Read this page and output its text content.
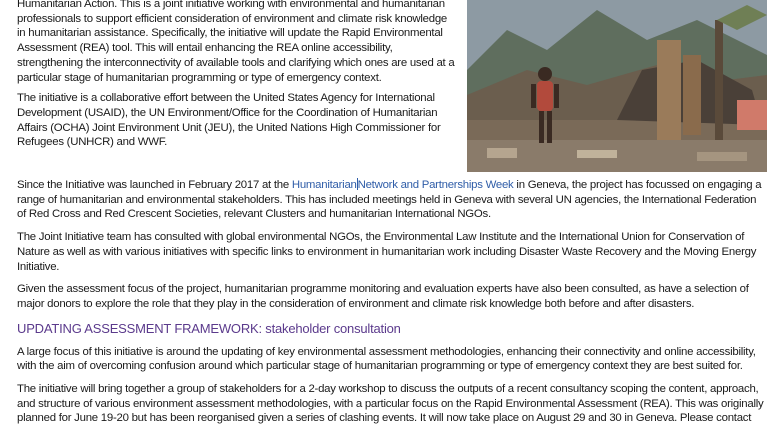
Humanitarian Action. This is a joint initiative working with environmental and humanitarian professionals to support efficient consideration of environment and climate risk knowledge in humanitarian assistance. Specifically, the initiative will update the Rapid Environmental Assessment (REA) tool. This will entail enhancing the REA online accessibility, strengthening the interconnectivity of available tools and clarifying which ones are used at a particular stage of humanitarian programming or type of emergency context.

The initiative is a collaborative effort between the United States Agency for International Development (USAID), the UN Environment/Office for the Coordination of Humanitarian Affairs (OCHA) Joint Environment Unit (JEU), the United Nations High Commissioner for Refugees (UNHCR) and WWF.

Since the Initiative was launched in February 2017 at the HumanitarianNetwork and Partnerships Week in Geneva, the project has focussed on engaging a range of humanitarian and environmental stakeholders. This has included meetings held in Geneva with several UN agencies, the International Federation of Red Cross and Red Crescent Societies, relevant Clusters and humanitarian International NGOs.

The Joint Initiative team has consulted with global environmental NGOs, the Environmental Law Institute and the International Union for Conservation of Nature as well as with various initiatives with specific links to environment in humanitarian work including Disaster Waste Recovery and the Moving Energy Initiative.

Given the assessment focus of the project, humanitarian programme monitoring and evaluation experts have also been consulted, as have a selection of major donors to explore the role that they play in the consideration of environment and climate risk knowledge both before and after disasters.

UPDATING ASSESSMENT FRAMEWORK: stakeholder consultation

A large focus of this initiative is around the updating of key environmental assessment methodologies, enhancing their connectivity and online accessibility, with the aim of overcoming confusion around which particular stage of humanitarian programming or type of emergency context they are best suited for.

The initiative will bring together a group of stakeholders for a 2-day workshop to discuss the outputs of a recent consultancy scoping the content, approach, and structure of various environment assessment methodologies, with a particular focus on the Rapid Environmental Assessment (REA). This was originally planned for June 19-20 but has been reorganised given a series of clashing events. It will now take place on August 29 and 30 in Geneva. Please contact
